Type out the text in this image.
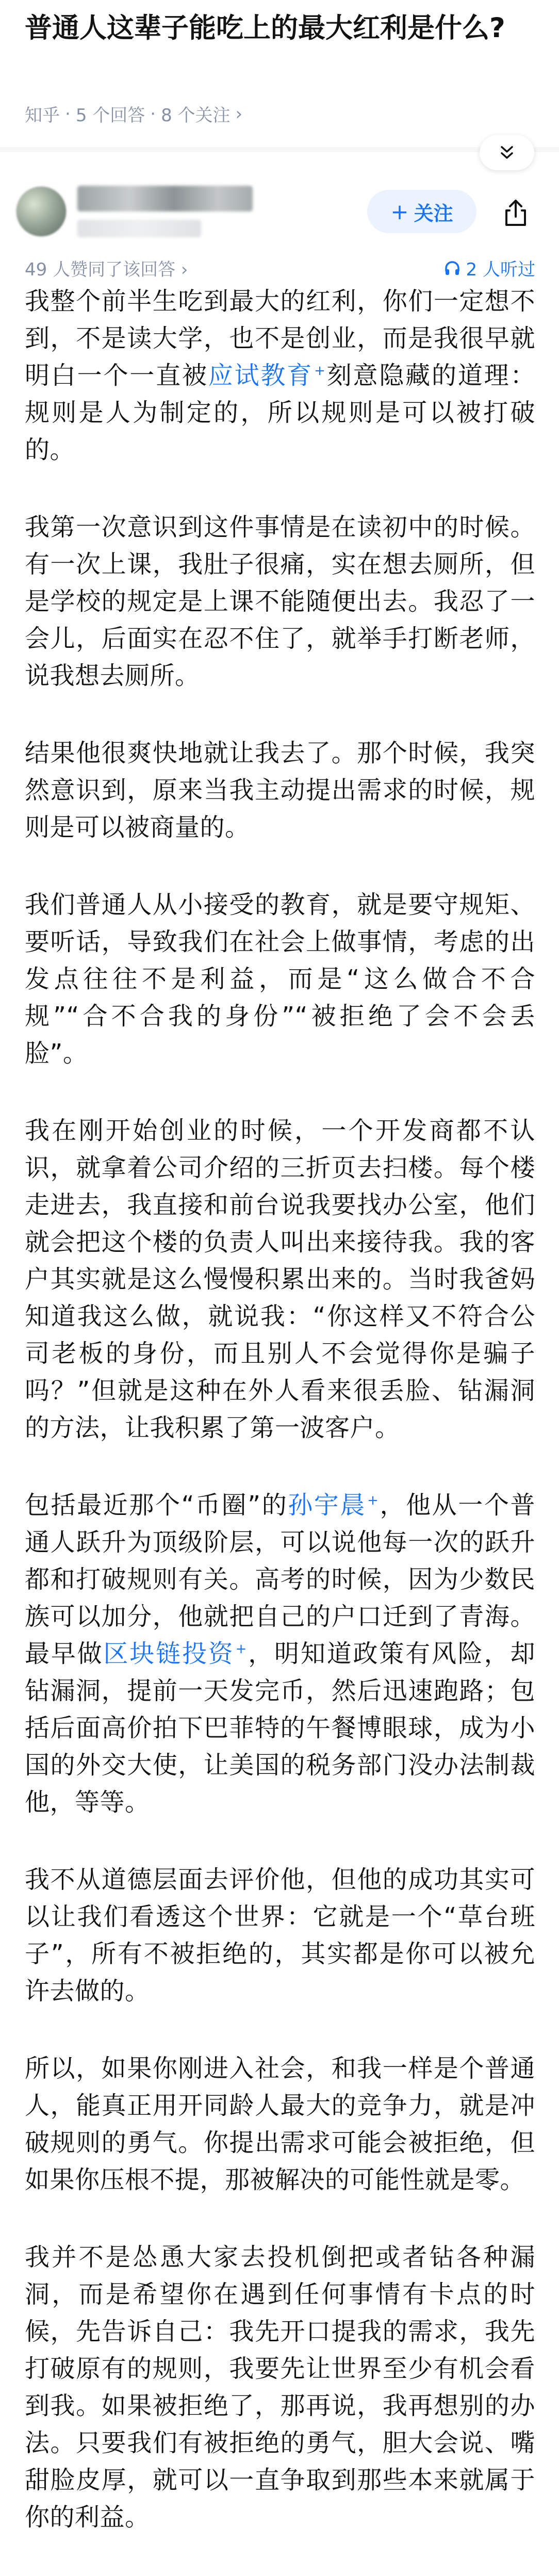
普通人这辈子能吃上的最大红利是什么?
知乎 · 5 个回答 · 8 个关注 ›
+ 关注
49 人赞同了该回答 ›	2 人听过

我整个前半生吃到最大的红利，你们一定想不到，不是读大学，也不是创业，而是我很早就明白一个一直被应试教育+刻意隐藏的道理：规则是人为制定的，所以规则是可以被打破的。

我第一次意识到这件事情是在读初中的时候。有一次上课，我肚子很痛，实在想去厕所，但是学校的规定是上课不能随便出去。我忍了一会儿，后面实在忍不住了，就举手打断老师，说我想去厕所。

结果他很爽快地就让我去了。那个时候，我突然意识到，原来当我主动提出需求的时候，规则是可以被商量的。

我们普通人从小接受的教育，就是要守规矩、要听话，导致我们在社会上做事情，考虑的出发点往往不是利益，而是“这么做合不合规”“合不合我的身份”“被拒绝了会不会丢脸”。

我在刚开始创业的时候，一个开发商都不认识，就拿着公司介绍的三折页去扫楼。每个楼走进去，我直接和前台说我要找办公室，他们就会把这个楼的负责人叫出来接待我。我的客户其实就是这么慢慢积累出来的。当时我爸妈知道我这么做，就说我：“你这样又不符合公司老板的身份，而且别人不会觉得你是骗子吗？”但就是这种在外人看来很丢脸、钻漏洞的方法，让我积累了第一波客户。

包括最近那个“币圈”的孙宇晨+，他从一个普通人跃升为顶级阶层，可以说他每一次的跃升都和打破规则有关。高考的时候，因为少数民族可以加分，他就把自己的户口迁到了青海。最早做区块链投资+，明知道政策有风险，却钻漏洞，提前一天发完币，然后迅速跑路；包括后面高价拍下巴菲特的午餐博眼球，成为小国的外交大使，让美国的税务部门没办法制裁他，等等。

我不从道德层面去评价他，但他的成功其实可以让我们看透这个世界：它就是一个“草台班子”，所有不被拒绝的，其实都是你可以被允许去做的。

所以，如果你刚进入社会，和我一样是个普通人，能真正用开同龄人最大的竞争力，就是冲破规则的勇气。你提出需求可能会被拒绝，但如果你压根不提，那被解决的可能性就是零。

我并不是怂恿大家去投机倒把或者钻各种漏洞，而是希望你在遇到任何事情有卡点的时候，先告诉自己：我先开口提我的需求，我先打破原有的规则，我要先让世界至少有机会看到我。如果被拒绝了，那再说，我再想别的办法。只要我们有被拒绝的勇气，胆大会说、嘴甜脸皮厚，就可以一直争取到那些本来就属于你的利益。
